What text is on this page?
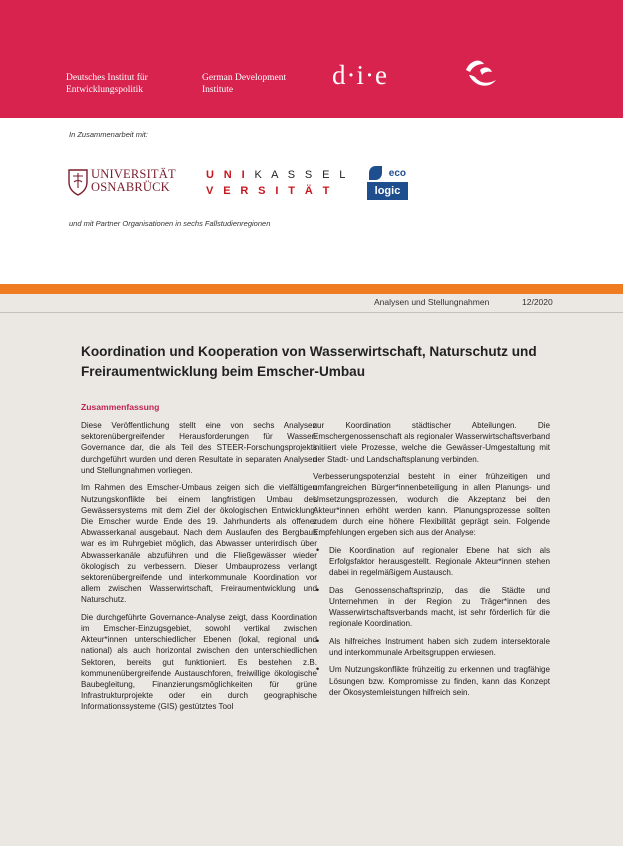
Deutsches Institut für
Entwicklungspolitik
German Development
Institute	d·i·e
In Zusammenarbeit mit:
UNIVERSITÄT
OSNABRÜCK
U N I K A S S E L
V E R S I T Ä T
eco
logic
und mit Partner Organisationen in sechs Fallstudienregionen
Analysen und Stellungnahmen	12/2020
Koordination und Kooperation von Wasserwirtschaft, Naturschutz und Freiraumentwicklung beim Emscher-Umbau
Zusammenfassung

Diese Veröffentlichung stellt eine von sechs Analysen sektorenübergreifender Herausforderungen für Wasser-Governance dar, die als Teil des STEER-Forschungsprojekts durchgeführt wurden und deren Resultate in separaten Analysen und Stellungnahmen vorliegen.

Im Rahmen des Emscher-Umbaus zeigen sich die vielfältigen Nutzungskonflikte bei einem langfristigen Umbau des Gewässersystems mit dem Ziel der ökologischen Entwicklung. Die Emscher wurde Ende des 19. Jahrhunderts als offener Abwasserkanal ausgebaut. Nach dem Auslaufen des Bergbaus war es im Ruhrgebiet möglich, das Abwasser unterirdisch über Abwasserkanäle abzuführen und die Fließgewässer wieder ökologisch zu verbessern. Dieser Umbauprozess verlangt sektorenübergreifende und interkommunale Koordination vor allem zwischen Wasserwirtschaft, Freiraumentwicklung und Naturschutz.

Die durchgeführte Governance-Analyse zeigt, dass Koordination im Emscher-Einzugsgebiet, sowohl vertikal zwischen Akteur*innen unterschiedlicher Ebenen (lokal, regional und national) als auch horizontal zwischen den unterschiedlichen Sektoren, bereits gut funktioniert. Es bestehen z.B. kommunenübergreifende Austauschforen, freiwillige ökologische Baubegleitung, Finanzierungsmöglichkeiten für grüne Infrastrukturprojekte oder ein durch geographische Informationssysteme (GIS) gestütztes Tool

zur Koordination städtischer Abteilungen. Die Emschergenossenschaft als regionaler Wasserwirtschaftsverband initiiert viele Prozesse, welche die Gewässer-Umgestaltung mit der Stadt- und Landschaftsplanung verbinden.

Verbesserungspotenzial besteht in einer frühzeitigen und umfangreichen Bürger*innenbeteiligung in allen Planungs- und Umsetzungsprozessen, wodurch die Akzeptanz bei den Akteur*innen erhöht werden kann. Planungsprozesse sollten zudem durch eine höhere Flexibilität geprägt sein. Folgende Empfehlungen ergeben sich aus der Analyse:

• Die Koordination auf regionaler Ebene hat sich als Erfolgsfaktor herausgestellt. Regionale Akteur*innen stehen dabei in regelmäßigem Austausch.
• Das Genossenschaftsprinzip, das die Städte und Unternehmen in der Region zu Träger*innen des Wasserwirtschaftsverbands macht, ist sehr förderlich für die regionale Koordination.
• Als hilfreiches Instrument haben sich zudem intersektorale und interkommunale Arbeitsgruppen erwiesen.
• Um Nutzungskonflikte frühzeitig zu erkennen und tragfähige Lösungen bzw. Kompromisse zu finden, kann das Konzept der Ökosystemleistungen hilfreich sein.
